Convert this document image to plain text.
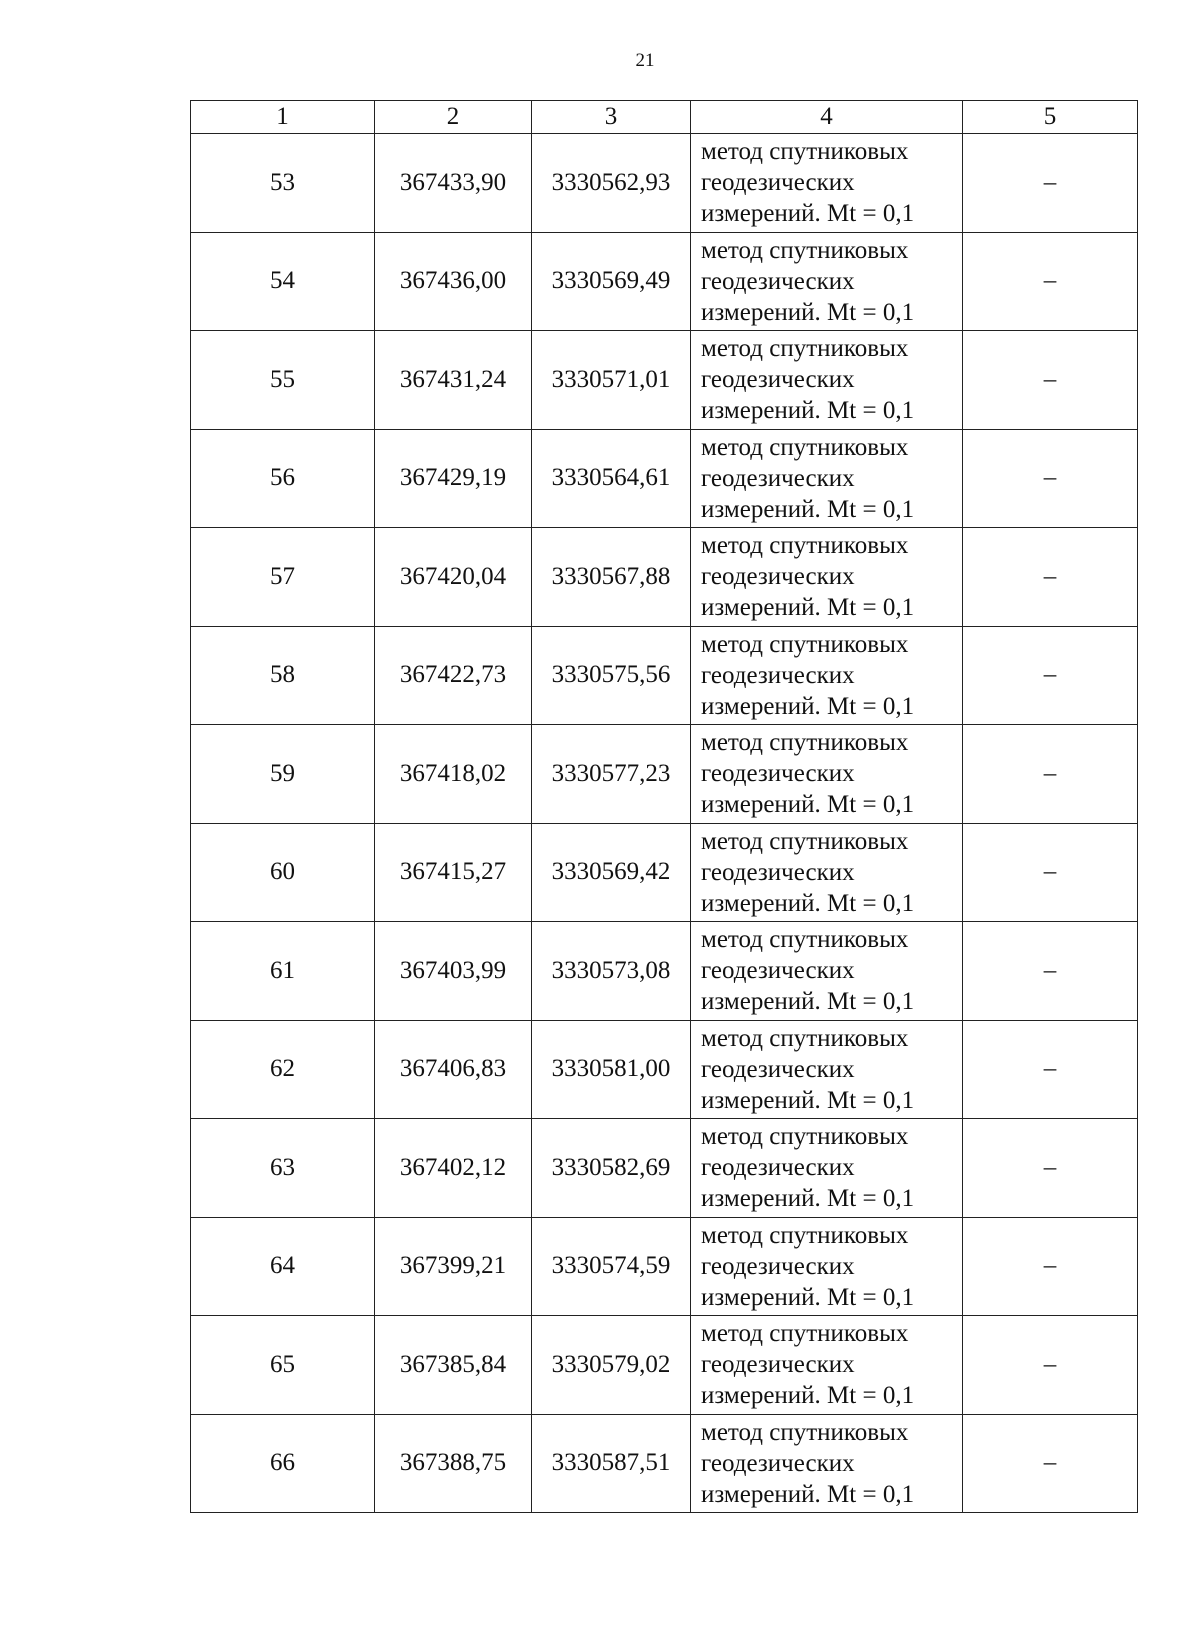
21
1	2	3	4	5
53	367433,90	3330562,93	метод спутниковых
геодезических
измерений. Mt = 0,1	–
54	367436,00	3330569,49	метод спутниковых
геодезических
измерений. Mt = 0,1	–
55	367431,24	3330571,01	метод спутниковых
геодезических
измерений. Mt = 0,1	–
56	367429,19	3330564,61	метод спутниковых
геодезических
измерений. Mt = 0,1	–
57	367420,04	3330567,88	метод спутниковых
геодезических
измерений. Mt = 0,1	–
58	367422,73	3330575,56	метод спутниковых
геодезических
измерений. Mt = 0,1	–
59	367418,02	3330577,23	метод спутниковых
геодезических
измерений. Mt = 0,1	–
60	367415,27	3330569,42	метод спутниковых
геодезических
измерений. Mt = 0,1	–
61	367403,99	3330573,08	метод спутниковых
геодезических
измерений. Mt = 0,1	–
62	367406,83	3330581,00	метод спутниковых
геодезических
измерений. Mt = 0,1	–
63	367402,12	3330582,69	метод спутниковых
геодезических
измерений. Mt = 0,1	–
64	367399,21	3330574,59	метод спутниковых
геодезических
измерений. Mt = 0,1	–
65	367385,84	3330579,02	метод спутниковых
геодезических
измерений. Mt = 0,1	–
66	367388,75	3330587,51	метод спутниковых
геодезических
измерений. Mt = 0,1	–
